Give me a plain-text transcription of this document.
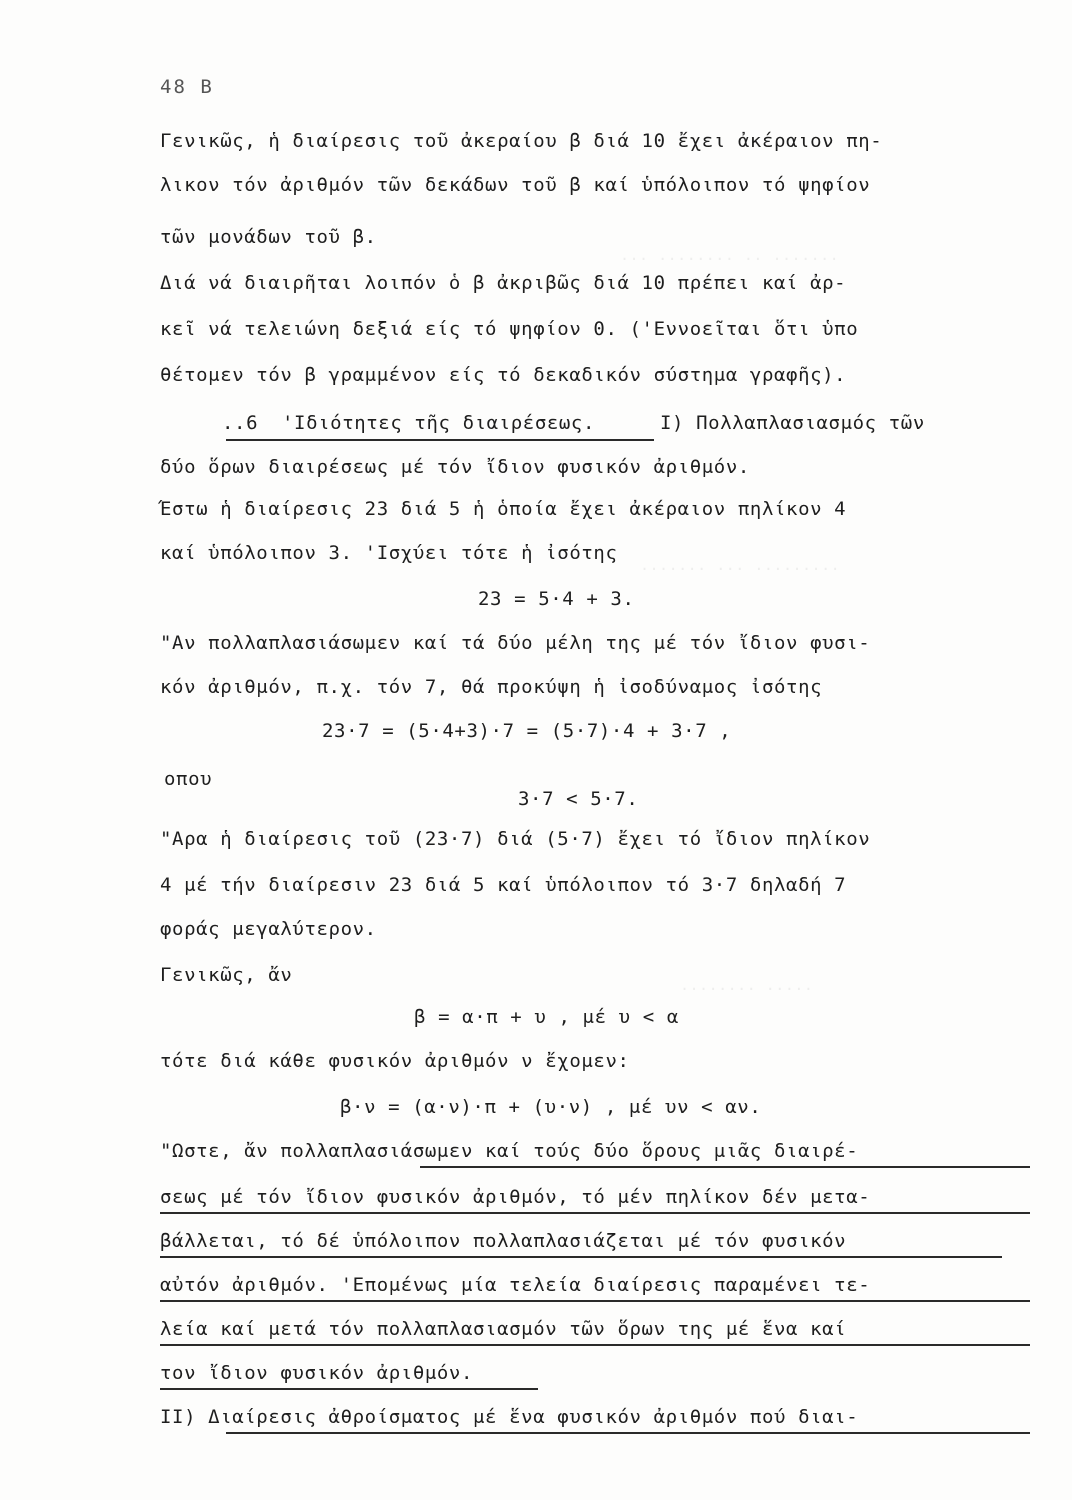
··· ········ ·· ·······
······· ··· ·········
········ ·····
48 Β
Γενικῶς, ἡ διαίρεσις τοῦ ἀκεραίου β διά 10 ἔχει ἀκέραιον πη-
λικον τόν ἀριθμόν τῶν δεκάδων τοῦ β καί ὑπόλοιπον τό ψηφίον
τῶν μονάδων τοῦ β.
Διά νά διαιρῆται λοιπόν ὁ β ἀκριβῶς διά 10 πρέπει καί ἀρ-
κεῖ νά τελειώνη δεξιά είς τό ψηφίον 0. ('Εννοεῖται ὅτι ὑπο
θέτομεν τόν β γραμμένον είς τό δεκαδικόν σύστημα γραφῆς).
..6 'Ιδιότητες τῆς διαιρέσεως.	Ι) Πολλαπλασιασμός τῶν
δύο ὅρων διαιρέσεως μέ τόν ἴδιον φυσικόν ἀριθμόν.
Έστω ἡ διαίρεσις 23 διά 5 ἡ ὁποία ἔχει ἀκέραιον πηλίκον 4
καί ὑπόλοιπον 3. 'Ισχύει τότε ἡ ἰσότης
23 = 5·4 + 3.
"Αν πολλαπλασιάσωμεν καί τά δύο μέλη της μέ τόν ἴδιον φυσι-
κόν ἀριθμόν, π.χ. τόν 7, θά προκύψη ἡ ἰσοδύναμος ἰσότης
23·7 = (5·4+3)·7 = (5·7)·4 + 3·7 ,
οπου
3·7 < 5·7.
"Αρα ἡ διαίρεσις τοῦ (23·7) διά (5·7) ἔχει τό ἴδιον πηλίκον
4 μέ τήν διαίρεσιν 23 διά 5 καί ὑπόλοιπον τό 3·7 δηλαδή 7
φοράς μεγαλύτερον.
Γενικῶς, ἄν
β = α·π + υ , μέ υ < α
τότε διά κάθε φυσικόν ἀριθμόν ν ἔχομεν:
β·ν = (α·ν)·π + (υ·ν) , μέ υν < αν.
"Ωστε, ἄν πολλαπλασιάσωμεν καί τούς δύο ὅρους μιᾶς διαιρέ-
σεως μέ τόν ἴδιον φυσικόν ἀριθμόν, τό μέν πηλίκον δέν μετα-
βάλλεται, τό δέ ὑπόλοιπον πολλαπλασιάζεται μέ τόν φυσικόν
αὐτόν ἀριθμόν. 'Επομένως μία τελεία διαίρεσις παραμένει τε-
λεία καί μετά τόν πολλαπλασιασμόν τῶν ὅρων της μέ ἕνα καί
τον ἴδιον φυσικόν ἀριθμόν.
ΙΙ) Διαίρεσις ἀθροίσματος μέ ἕνα φυσικόν ἀριθμόν πού διαι-
